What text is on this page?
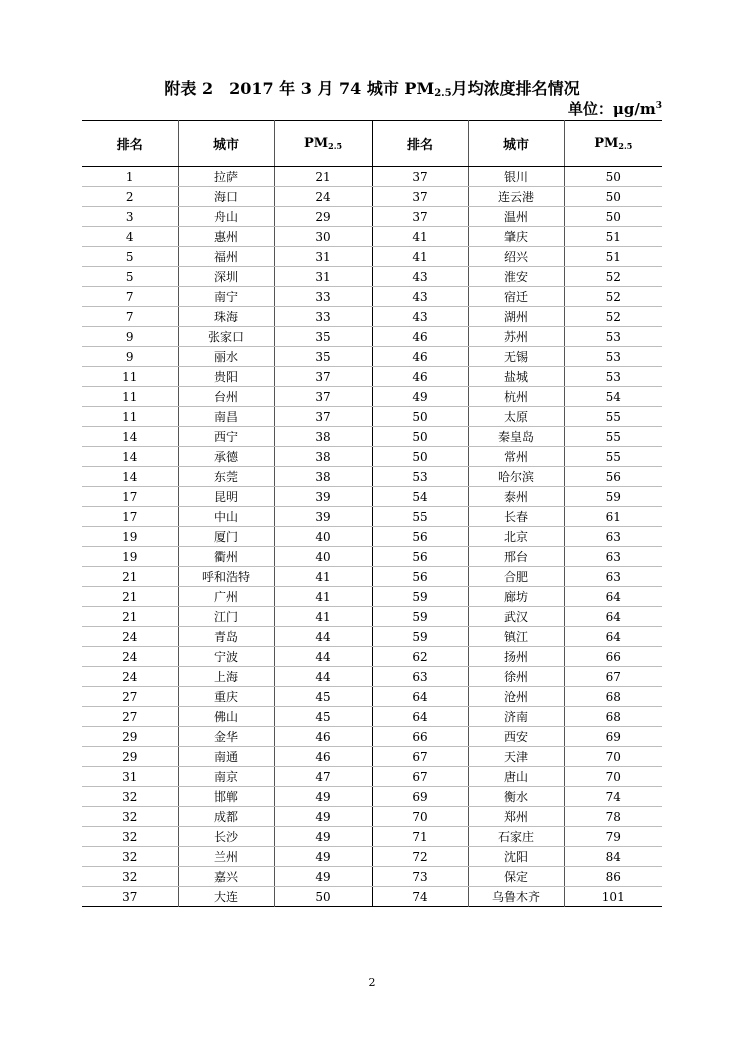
附表 2　2017 年 3 月 74 城市 $PM_{2.5}$月均浓度排名情况
单位：$\mu g/m^3$
排名	城市	$PM_{2.5}$	排名	城市	$PM_{2.5}$
1	拉萨	21	37	银川	50
2	海口	24	37	连云港	50
3	舟山	29	37	温州	50
4	惠州	30	41	肇庆	51
5	福州	31	41	绍兴	51
5	深圳	31	43	淮安	52
7	南宁	33	43	宿迁	52
7	珠海	33	43	湖州	52
9	张家口	35	46	苏州	53
9	丽水	35	46	无锡	53
11	贵阳	37	46	盐城	53
11	台州	37	49	杭州	54
11	南昌	37	50	太原	55
14	西宁	38	50	秦皇岛	55
14	承德	38	50	常州	55
14	东莞	38	53	哈尔滨	56
17	昆明	39	54	泰州	59
17	中山	39	55	长春	61
19	厦门	40	56	北京	63
19	衢州	40	56	邢台	63
21	呼和浩特	41	56	合肥	63
21	广州	41	59	廊坊	64
21	江门	41	59	武汉	64
24	青岛	44	59	镇江	64
24	宁波	44	62	扬州	66
24	上海	44	63	徐州	67
27	重庆	45	64	沧州	68
27	佛山	45	64	济南	68
29	金华	46	66	西安	69
29	南通	46	67	天津	70
31	南京	47	67	唐山	70
32	邯郸	49	69	衡水	74
32	成都	49	70	郑州	78
32	长沙	49	71	石家庄	79
32	兰州	49	72	沈阳	84
32	嘉兴	49	73	保定	86
37	大连	50	74	乌鲁木齐	101
2
